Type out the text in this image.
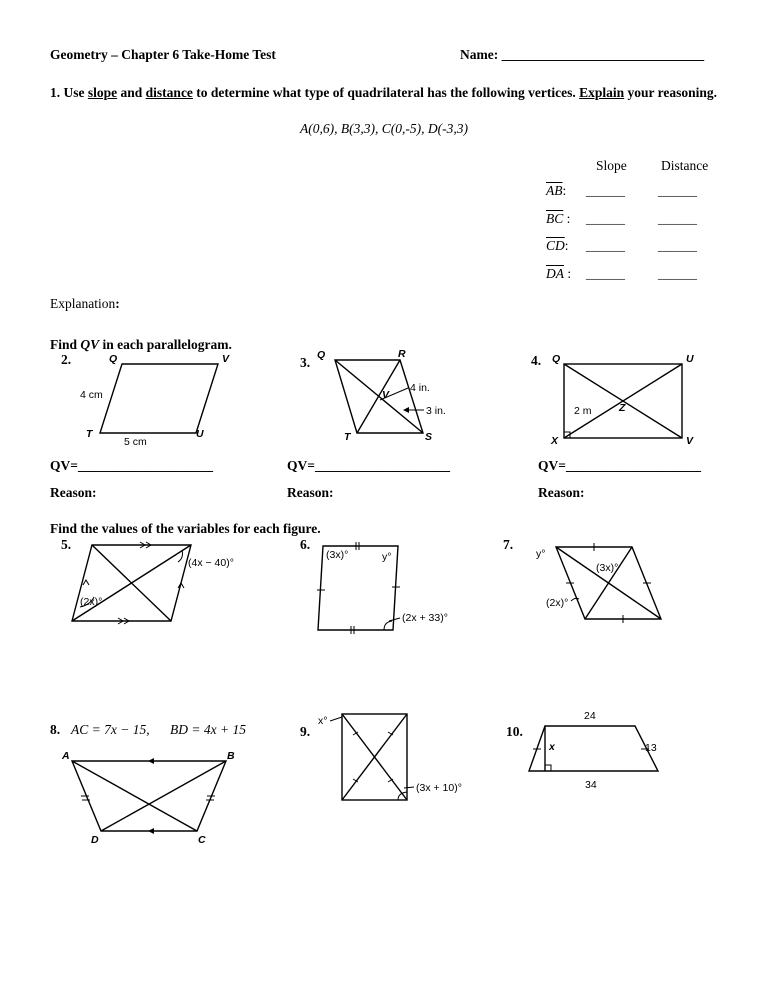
Geometry – Chapter 6 Take-Home Test	Name: ______________________________
1. Use slope and distance to determine what type of quadrilateral has the following vertices. Explain your reasoning.
A(0,6), B(3,3), C(0,-5), D(-3,3)
Slope	Distance
$\overline{AB}$: ______	______
$\overline{BC}$ : ______	______
$\overline{CD}$: ______	______
$\overline{DA}$ : ______	______
Explanation:
Find QV in each parallelogram.
2.	3.	4.
Q	V
T	U
4 cm
5 cm
Q	R
V
T	S
4 in.
3 in.
Q	U
X	V
Z
2 m
QV=____________________	QV=____________________	QV=____________________
Reason:	Reason:	Reason:
Find the values of the variables for each figure.
5.	6.	7.
(4x − 40)°
(2x)°
(3x)°	y°
(2x + 33)°
y°
(3x)°
(2x)°
8. AC = 7x − 15, BD = 4x + 15	9.	10.
A	B
C
D
x°
(3x + 10)°
24
13
34
x
